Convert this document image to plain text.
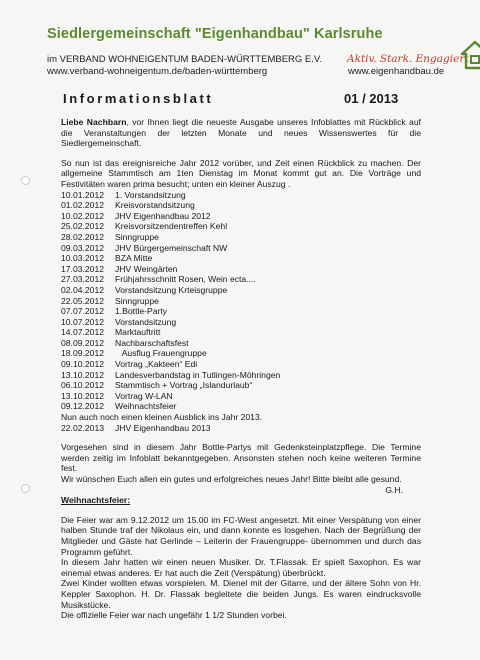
Siedlergemeinschaft "Eigenhandbau" Karlsruhe
im VERBAND WOHNEIGENTUM BADEN-WÜRTTEMBERG E.V.
www.verband-wohneigentum.de/baden-württemberg
Aktiv. Stark. Engagiert.
www.eigenhandbau.de
Informationsblatt	01 / 2013

Liebe Nachbarn, vor Ihnen liegt die neueste Ausgabe unseres Infoblattes mit Rückblick auf die Veranstaltungen der letzten Monate und neues Wissenswertes für die Siedlergemeinschaft.

So nun ist das ereignisreiche Jahr 2012 vorüber, und Zeit einen Rückblick zu machen. Der allgemeine Stammtisch am 1ten Dienstag im Monat kommt gut an. Die Vorträge und Festivitäten waren prima besucht; unten ein kleiner Auszug .

10.01.2012	1. Vorstandsitzung
01.02.2012	Kreisvorstandsitzung
10.02.2012	JHV Eigenhandbau 2012
25.02.2012	Kreisvorsitzendentreffen Kehl
28.02.2012	Sinngruppe
09.03.2012	JHV Bürgergemeinschaft NW
10.03.2012	BZA Mitte
17.03.2012	JHV Weingärten
27.03.2012	Frühjahrsschnitt Rosen, Wein ecta....
02.04.2012	Vorstandsitzung Krteisgruppe
22.05.2012	Sinngruppe
07.07.2012	1.Bottle-Party
10.07.2012	Vorstandsitzung
14.07.2012	Marktauftritt
08.09.2012	Nachbarschaftsfest
18.09.2012	Ausflug Frauengruppe
09.10.2012	Vortrag „Kakteen“ Edi
13.10.2012	Landesverbandstag in Tutlingen-Möhringen
06.10.2012	Stammtisch + Vortrag „Islandurlaub“
13.10.2012	Vortrag W-LAN
09.12.2012	Weihnachtsfeier

Nun auch noch einen kleinen Ausblick ins Jahr 2013.

22.02.2013	JHV Eigenhandbau 2013

Vorgesehen sind in diesem Jahr Bottle-Partys mit Gedenksteinplatzpflege. Die Termine werden zeitig im Infoblatt bekanntgegeben. Ansonsten stehen noch keine weiteren Termine fest.

Wir wünschen Euch allen ein gutes und erfolgreiches neues Jahr! Bitte bleibt alle gesund.

G.H.

Weihnachtsfeier:

Die Feier war am 9.12.2012 um 15.00 im FC-West angesetzt. Mit einer Verspätung von einer halben Stunde traf der Nikolaus ein, und dann konnte es losgehen. Nach der Begrüßung der Mitglieder und Gäste hat Gerlinde – Leiterin der Frauengruppe- übernommen und durch das Programm geführt.

In diesem Jahr hatten wir einen neuen Musiker. Dr. T.Flassak. Er spielt Saxophon. Es war einemal etwas anderes. Er hat auch die Zeit (Verspätung) überbrückt.

Zwei Kinder wollten etwas vorspielen. M. Dienel mit der Gitarre, und der ältere Sohn von Hr. Keppler Saxophon. H. Dr. Flassak begleitete die beiden Jungs. Es waren eindrucksvolle Musikstücke.

Die offizielle Feier war nach ungefähr 1 1/2 Stunden vorbei.
